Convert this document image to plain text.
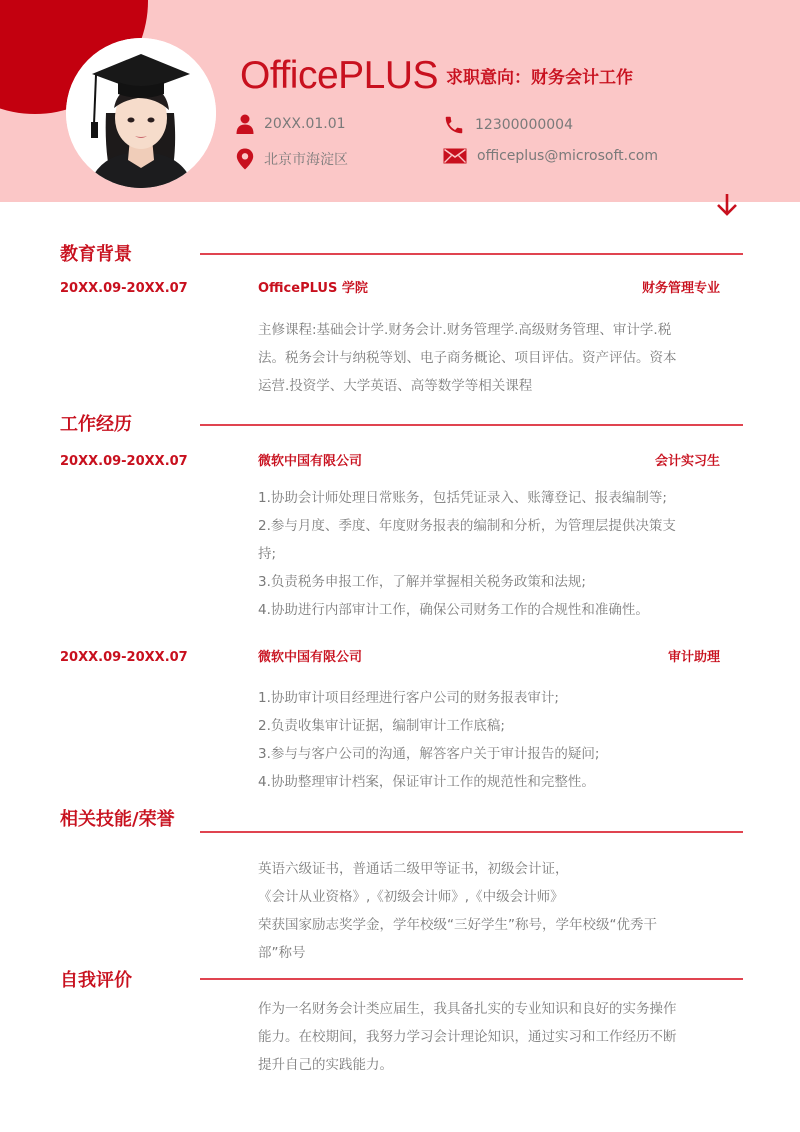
OfficePLUS 求职意向：财务会计工作
20XX.01.01	12300000004
北京市海淀区	officeplus@microsoft.com
教育背景
20XX.09-20XX.07	OfficePLUS 学院	财务管理专业
主修课程:基础会计学.财务会计.财务管理学.高级财务管理、审计学.税
法。税务会计与纳税等划、电子商务概论、项目评估。资产评估。资本
运营.投资学、大学英语、高等数学等相关课程
工作经历
20XX.09-20XX.07	微软中国有限公司	会计实习生
1.协助会计师处理日常账务，包括凭证录入、账簿登记、报表编制等;
2.参与月度、季度、年度财务报表的编制和分析，为管理层提供决策支
持;
3.负责税务申报工作，了解并掌握相关税务政策和法规;
4.协助进行内部审计工作，确保公司财务工作的合规性和准确性。
20XX.09-20XX.07	微软中国有限公司	审计助理
1.协助审计项目经理进行客户公司的财务报表审计;
2.负责收集审计证据，编制审计工作底稿;
3.参与与客户公司的沟通，解答客户关于审计报告的疑问;
4.协助整理审计档案，保证审计工作的规范性和完整性。
相关技能/荣誉
英语六级证书，普通话二级甲等证书，初级会计证，
《会计从业资格》,《初级会计师》,《中级会计师》
荣获国家励志奖学金，学年校级“三好学生”称号，学年校级“优秀干
部”称号
自我评价
作为一名财务会计类应届生，我具备扎实的专业知识和良好的实务操作
能力。在校期间，我努力学习会计理论知识，通过实习和工作经历不断
提升自己的实践能力。
